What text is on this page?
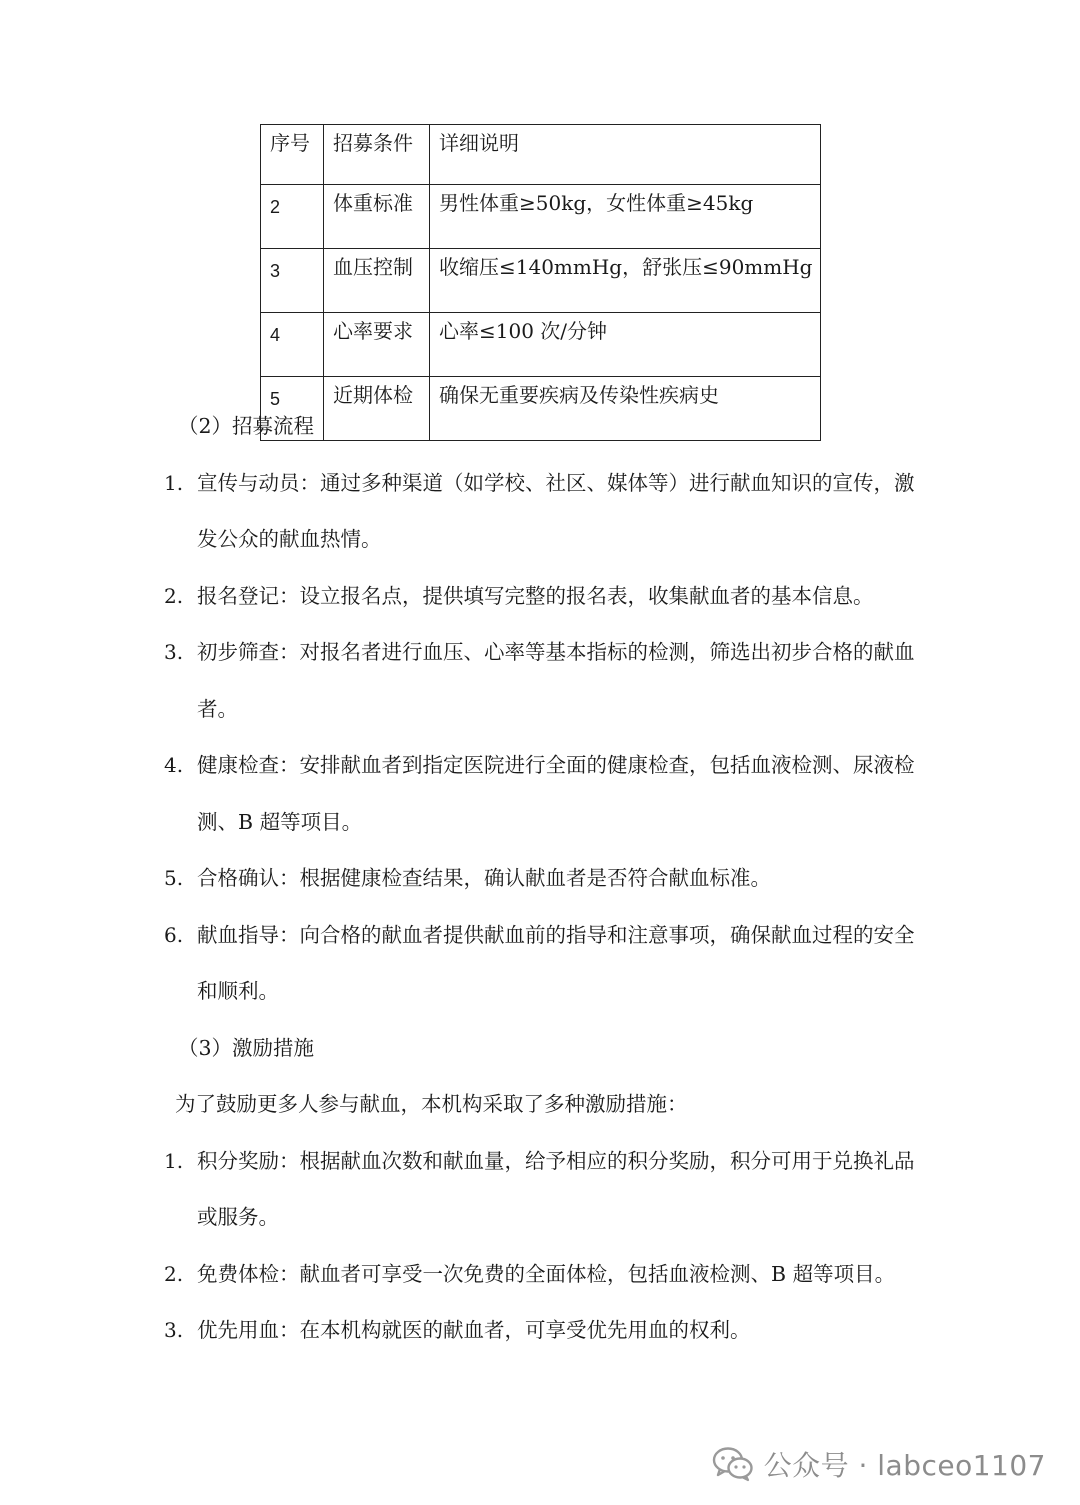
序号	招募条件	详细说明
2	体重标准	男性体重≥50kg，女性体重≥45kg
3	血压控制	收缩压≤140mmHg，舒张压≤90mmHg
4	心率要求	心率≤100 次/分钟
5	近期体检	确保无重要疾病及传染性疾病史
（2）招募流程
1. 宣传与动员：通过多种渠道（如学校、社区、媒体等）进行献血知识的宣传，激
发公众的献血热情。
2. 报名登记：设立报名点，提供填写完整的报名表，收集献血者的基本信息。
3. 初步筛查：对报名者进行血压、心率等基本指标的检测，筛选出初步合格的献血
者。
4. 健康检查：安排献血者到指定医院进行全面的健康检查，包括血液检测、尿液检
测、B 超等项目。
5. 合格确认：根据健康检查结果，确认献血者是否符合献血标准。
6. 献血指导：向合格的献血者提供献血前的指导和注意事项，确保献血过程的安全
和顺利。
（3）激励措施
为了鼓励更多人参与献血，本机构采取了多种激励措施：
1. 积分奖励：根据献血次数和献血量，给予相应的积分奖励，积分可用于兑换礼品
或服务。
2. 免费体检：献血者可享受一次免费的全面体检，包括血液检测、B 超等项目。
3. 优先用血：在本机构就医的献血者，可享受优先用血的权利。
公众号 · labceo1107
